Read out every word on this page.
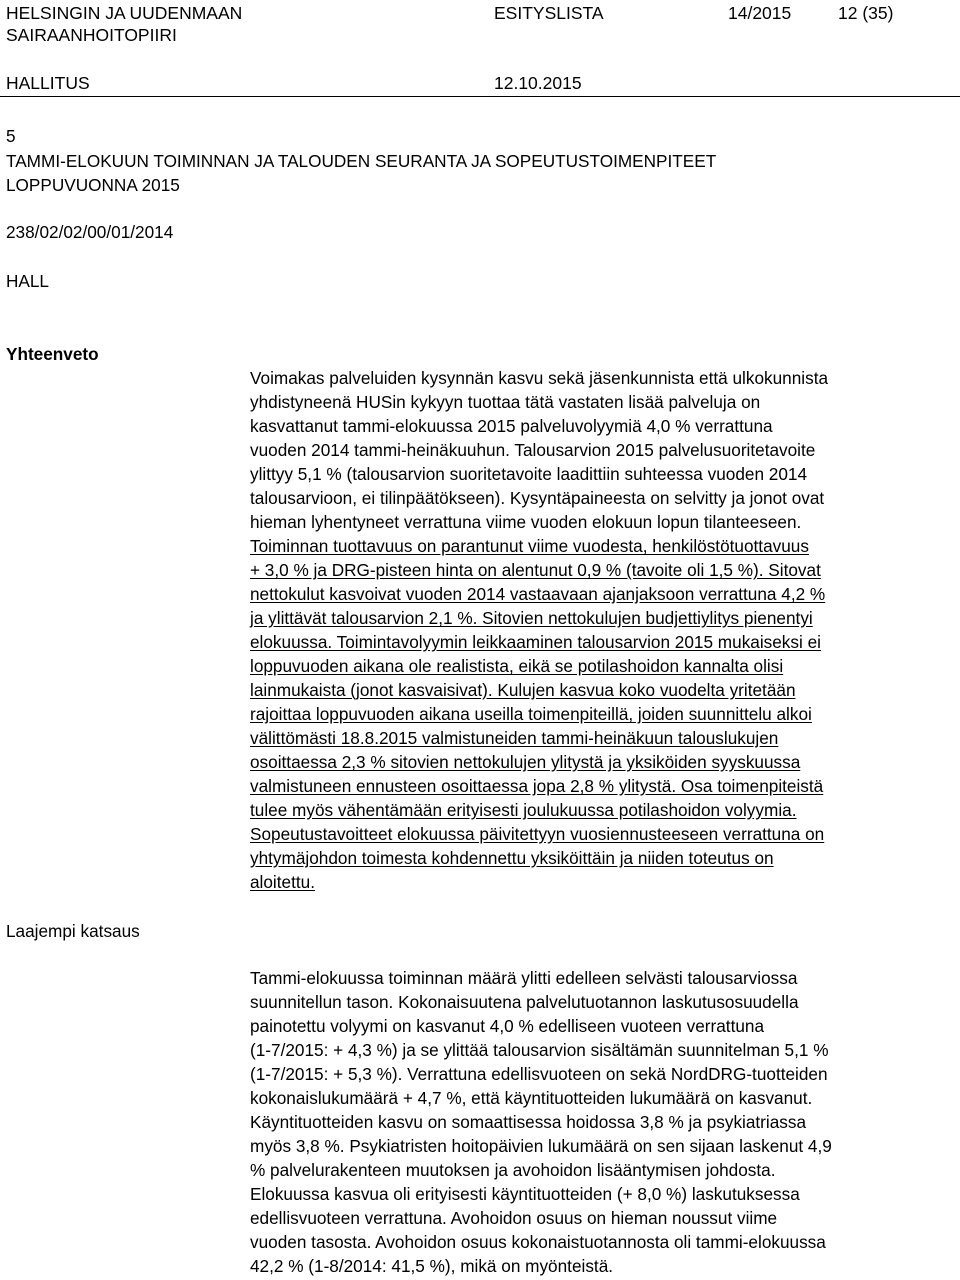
HELSINGIN JA UUDENMAAN
SAIRAANHOITOPIIRI
ESITYSLISTA	14/2015	12 (35)
HALLITUS	12.10.2015
5
TAMMI-ELOKUUN TOIMINNAN JA TALOUDEN SEURANTA JA SOPEUTUSTOIMENPITEET
LOPPUVUONNA 2015
238/02/02/00/01/2014
HALL
Yhteenveto

Voimakas palveluiden kysynnän kasvu sekä jäsenkunnista että ulkokunnista

yhdistyneenä HUSin kykyyn tuottaa tätä vastaten lisää palveluja on

kasvattanut tammi-elokuussa 2015 palveluvolyymiä 4,0 % verrattuna

vuoden 2014 tammi-heinäkuuhun. Talousarvion 2015 palvelusuoritetavoite

ylittyy 5,1 % (talousarvion suoritetavoite laadittiin suhteessa vuoden 2014

talousarvioon, ei tilinpäätökseen). Kysyntäpaineesta on selvitty ja jonot ovat

hieman lyhentyneet verrattuna viime vuoden elokuun lopun tilanteeseen.

Toiminnan tuottavuus on parantunut viime vuodesta, henkilöstötuottavuus

+ 3,0 % ja DRG-pisteen hinta on alentunut 0,9 % (tavoite oli 1,5 %). Sitovat

nettokulut kasvoivat vuoden 2014 vastaavaan ajanjaksoon verrattuna 4,2 %

ja ylittävät talousarvion 2,1 %. Sitovien nettokulujen budjettiylitys pienentyi

elokuussa. Toimintavolyymin leikkaaminen talousarvion 2015 mukaiseksi ei

loppuvuoden aikana ole realistista, eikä se potilashoidon kannalta olisi

lainmukaista (jonot kasvaisivat). Kulujen kasvua koko vuodelta yritetään

rajoittaa loppuvuoden aikana useilla toimenpiteillä, joiden suunnittelu alkoi

välittömästi 18.8.2015 valmistuneiden tammi-heinäkuun talouslukujen

osoittaessa 2,3 % sitovien nettokulujen ylitystä ja yksiköiden syyskuussa

valmistuneen ennusteen osoittaessa jopa 2,8 % ylitystä. Osa toimenpiteistä

tulee myös vähentämään erityisesti joulukuussa potilashoidon volyymia.

Sopeutustavoitteet elokuussa päivitettyyn vuosiennusteeseen verrattuna on

yhtymäjohdon toimesta kohdennettu yksiköittäin ja niiden toteutus on

aloitettu.

Laajempi katsaus

Tammi-elokuussa toiminnan määrä ylitti edelleen selvästi talousarviossa

suunnitellun tason. Kokonaisuutena palvelutuotannon laskutusosuudella

painotettu volyymi on kasvanut 4,0 % edelliseen vuoteen verrattuna

(1-7/2015: + 4,3 %) ja se ylittää talousarvion sisältämän suunnitelman 5,1 %

(1-7/2015: + 5,3 %). Verrattuna edellisvuoteen on sekä NordDRG-tuotteiden

kokonaislukumäärä + 4,7 %, että käyntituotteiden lukumäärä on kasvanut.

Käyntituotteiden kasvu on somaattisessa hoidossa 3,8 % ja psykiatriassa

myös 3,8 %. Psykiatristen hoitopäivien lukumäärä on sen sijaan laskenut 4,9

% palvelurakenteen muutoksen ja avohoidon lisääntymisen johdosta.

Elokuussa kasvua oli erityisesti käyntituotteiden (+ 8,0 %) laskutuksessa

edellisvuoteen verrattuna. Avohoidon osuus on hieman noussut viime

vuoden tasosta. Avohoidon osuus kokonaistuotannosta oli tammi-elokuussa

42,2 % (1-8/2014: 41,5 %), mikä on myönteistä.
